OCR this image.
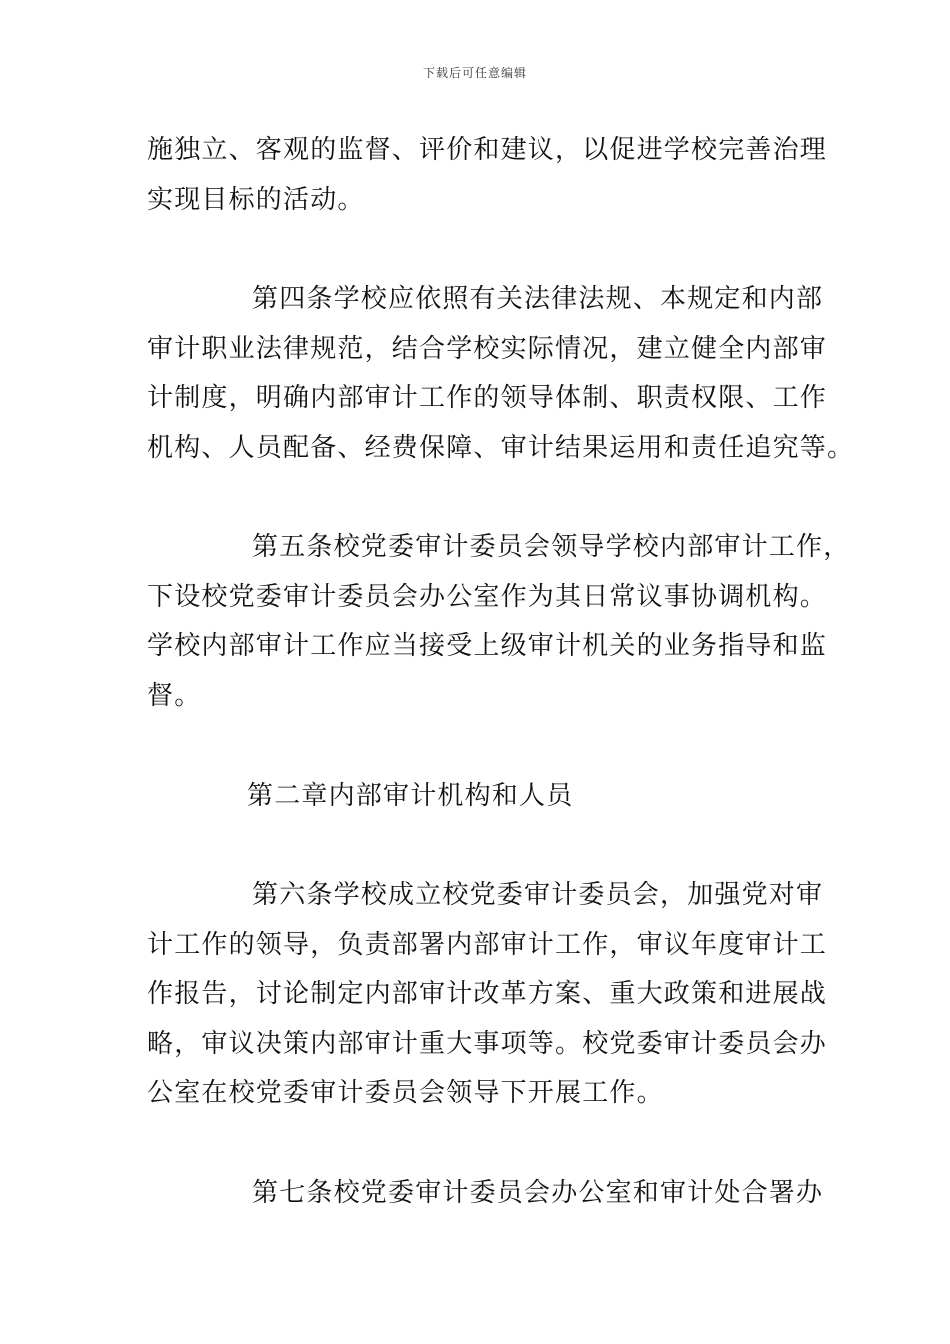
下载后可任意编辑
施独立、客观的监督、评价和建议，以促进学校完善治理
实现目标的活动。
第四条学校应依照有关法律法规、本规定和内部
审计职业法律规范，结合学校实际情况，建立健全内部审
计制度，明确内部审计工作的领导体制、职责权限、工作
机构、人员配备、经费保障、审计结果运用和责任追究等。
第五条校党委审计委员会领导学校内部审计工作，
下设校党委审计委员会办公室作为其日常议事协调机构。
学校内部审计工作应当接受上级审计机关的业务指导和监
督。
第二章内部审计机构和人员
第六条学校成立校党委审计委员会，加强党对审
计工作的领导，负责部署内部审计工作，审议年度审计工
作报告，讨论制定内部审计改革方案、重大政策和进展战
略，审议决策内部审计重大事项等。校党委审计委员会办
公室在校党委审计委员会领导下开展工作。
第七条校党委审计委员会办公室和审计处合署办
